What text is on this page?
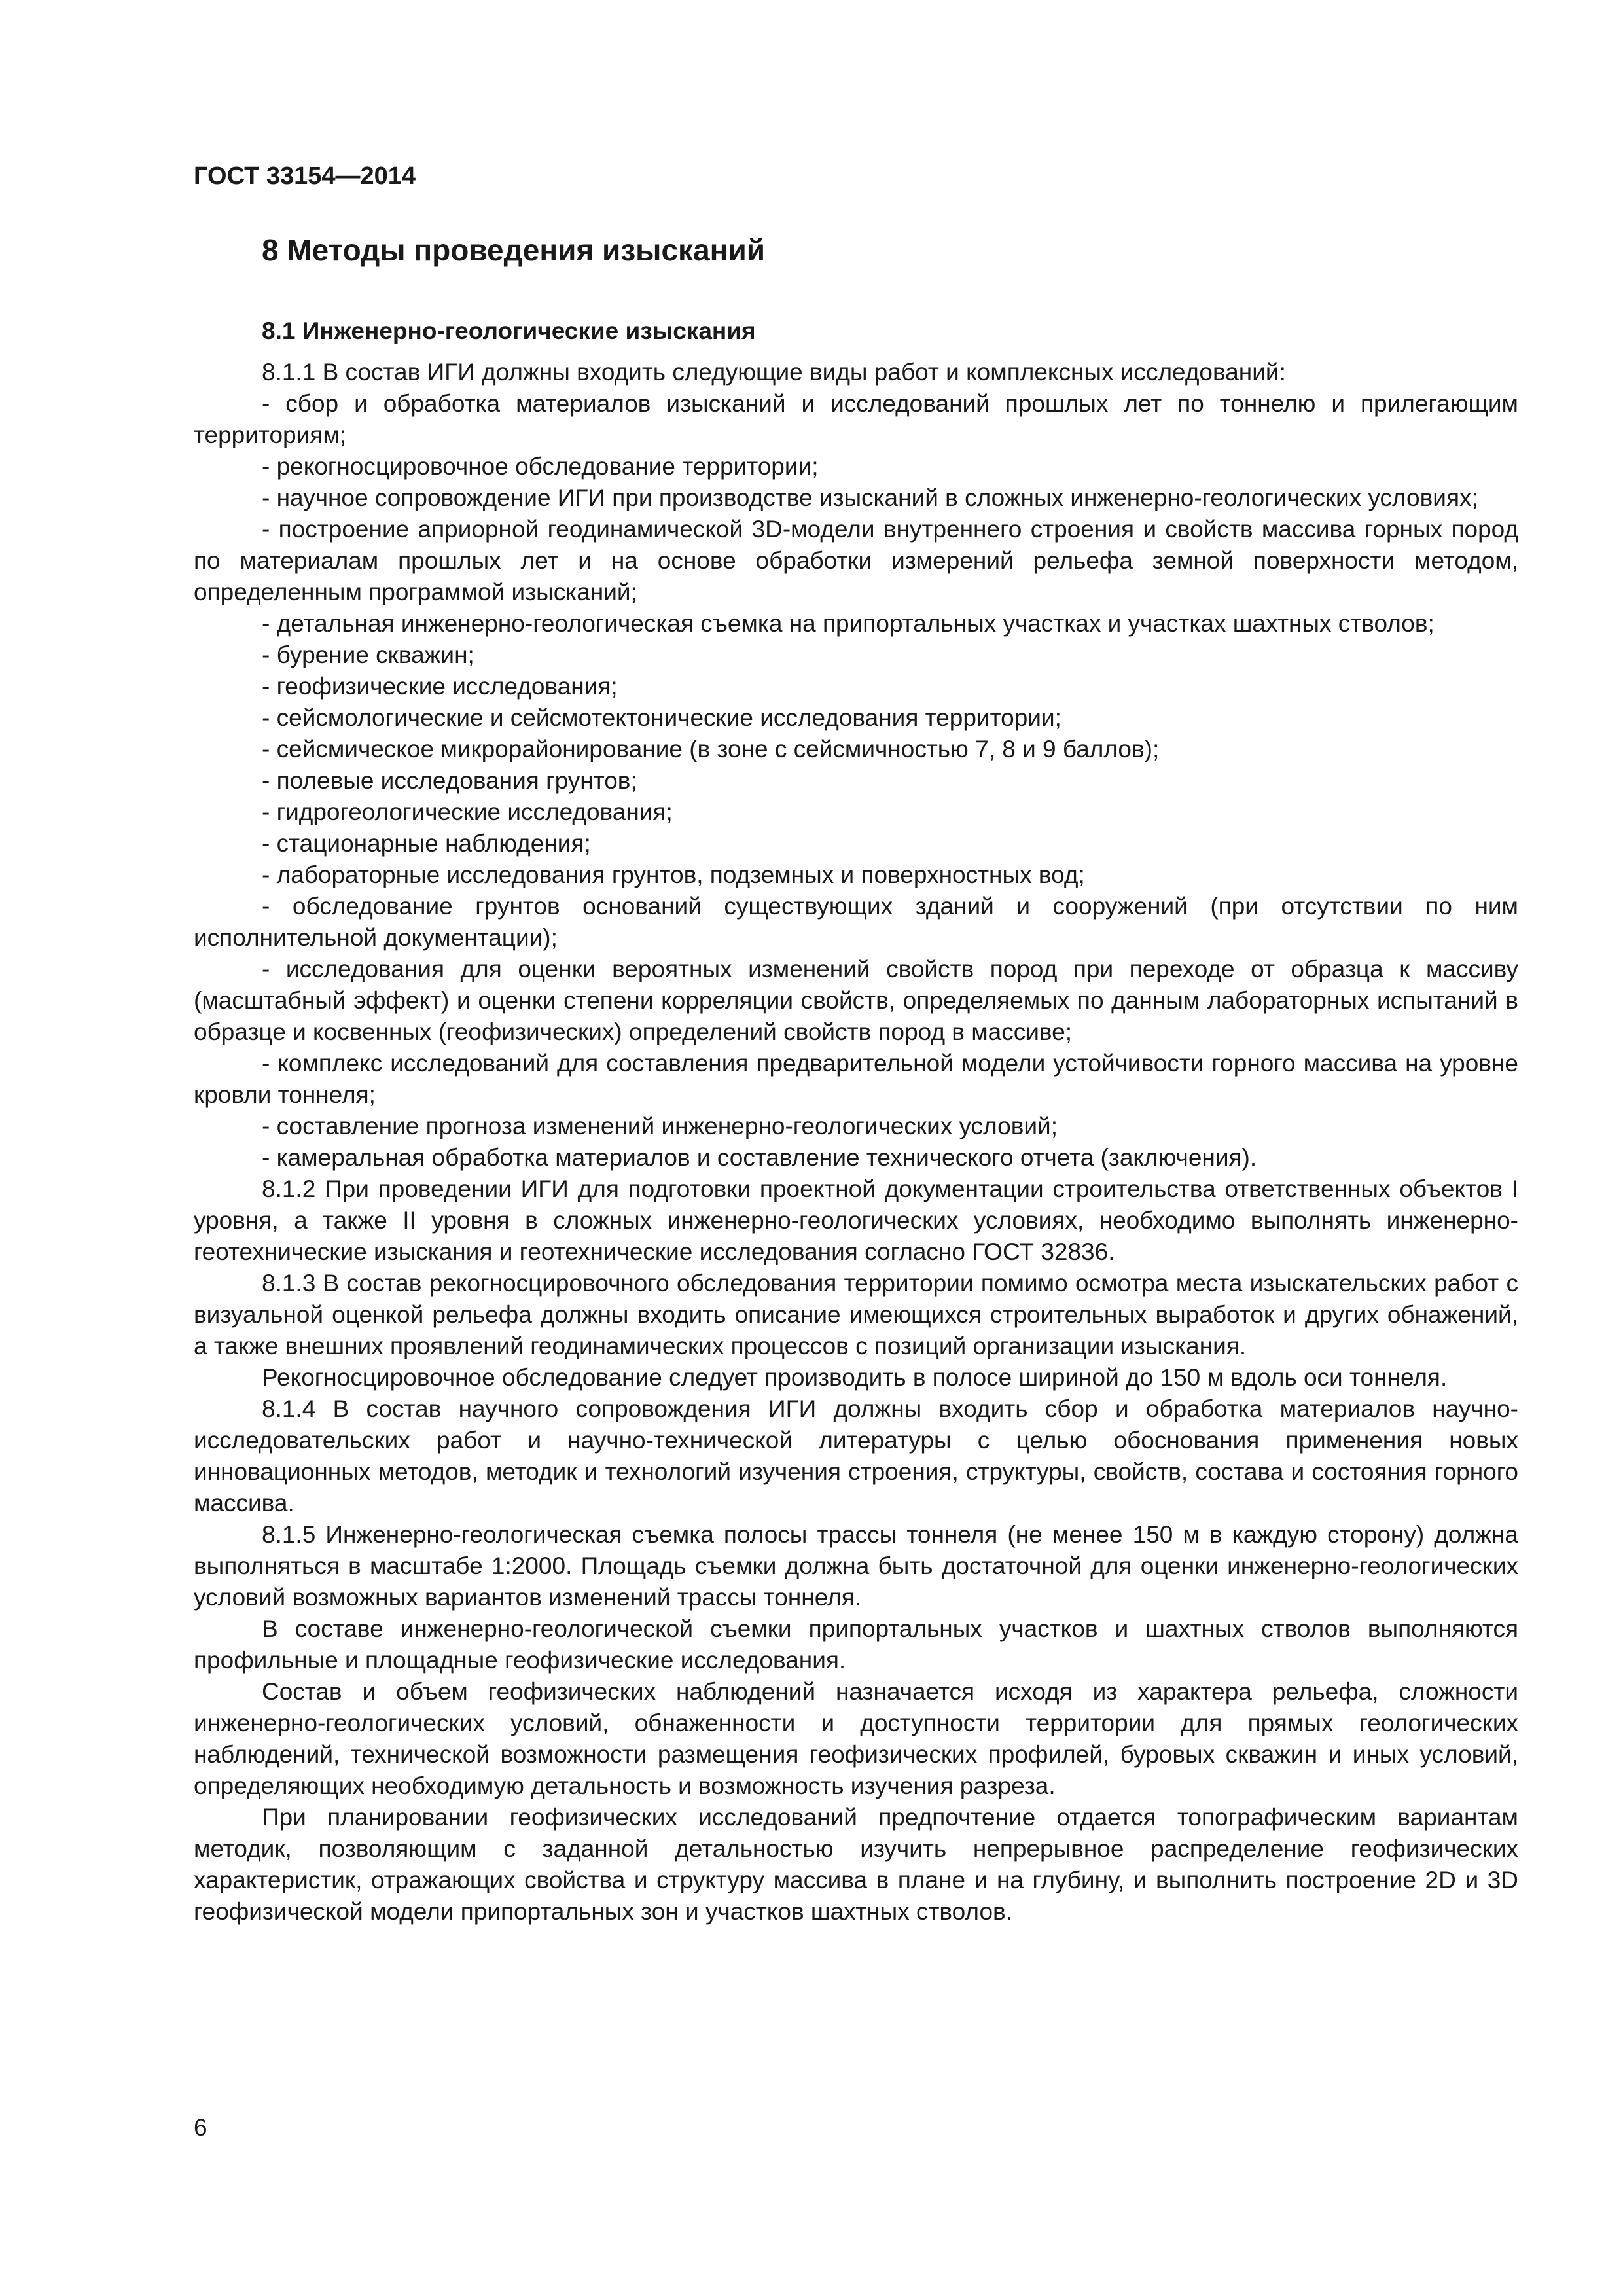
ГОСТ 33154—2014
8 Методы проведения изысканий
8.1 Инженерно-геологические изыскания

8.1.1 В состав ИГИ должны входить следующие виды работ и комплексных исследований:

- сбор и обработка материалов изысканий и исследований прошлых лет по тоннелю и прилегающим территориям;

- рекогносцировочное обследование территории;

- научное сопровождение ИГИ при производстве изысканий в сложных инженерно-геологических условиях;

- построение априорной геодинамической 3D-модели внутреннего строения и свойств массива горных пород по материалам прошлых лет и на основе обработки измерений рельефа земной поверхности методом, определенным программой изысканий;

- детальная инженерно-геологическая съемка на припортальных участках и участках шахтных стволов;

- бурение скважин;

- геофизические исследования;

- сейсмологические и сейсмотектонические исследования территории;

- сейсмическое микрорайонирование (в зоне с сейсмичностью 7, 8 и 9 баллов);

- полевые исследования грунтов;

- гидрогеологические исследования;

- стационарные наблюдения;

- лабораторные исследования грунтов, подземных и поверхностных вод;

- обследование грунтов оснований существующих зданий и сооружений (при отсутствии по ним исполнительной документации);

- исследования для оценки вероятных изменений свойств пород при переходе от образца к массиву (масштабный эффект) и оценки степени корреляции свойств, определяемых по данным лабораторных испытаний в образце и косвенных (геофизических) определений свойств пород в массиве;

- комплекс исследований для составления предварительной модели устойчивости горного массива на уровне кровли тоннеля;

- составление прогноза изменений инженерно-геологических условий;

- камеральная обработка материалов и составление технического отчета (заключения).

8.1.2 При проведении ИГИ для подготовки проектной документации строительства ответственных объектов I уровня, а также II уровня в сложных инженерно-геологических условиях, необходимо выполнять инженерно-геотехнические изыскания и геотехнические исследования согласно ГОСТ 32836.

8.1.3 В состав рекогносцировочного обследования территории помимо осмотра места изыскательских работ с визуальной оценкой рельефа должны входить описание имеющихся строительных выработок и других обнажений, а также внешних проявлений геодинамических процессов с позиций организации изыскания.

Рекогносцировочное обследование следует производить в полосе шириной до 150 м вдоль оси тоннеля.

8.1.4 В состав научного сопровождения ИГИ должны входить сбор и обработка материалов научно-исследовательских работ и научно-технической литературы с целью обоснования применения новых инновационных методов, методик и технологий изучения строения, структуры, свойств, состава и состояния горного массива.

8.1.5 Инженерно-геологическая съемка полосы трассы тоннеля (не менее 150 м в каждую сторону) должна выполняться в масштабе 1:2000. Площадь съемки должна быть достаточной для оценки инженерно-геологических условий возможных вариантов изменений трассы тоннеля.

В составе инженерно-геологической съемки припортальных участков и шахтных стволов выполняются профильные и площадные геофизические исследования.

Состав и объем геофизических наблюдений назначается исходя из характера рельефа, сложности инженерно-геологических условий, обнаженности и доступности территории для прямых геологических наблюдений, технической возможности размещения геофизических профилей, буровых скважин и иных условий, определяющих необходимую детальность и возможность изучения разреза.

При планировании геофизических исследований предпочтение отдается топографическим вариантам методик, позволяющим с заданной детальностью изучить непрерывное распределение геофизических характеристик, отражающих свойства и структуру массива в плане и на глубину, и выполнить построение 2D и 3D геофизической модели припортальных зон и участков шахтных стволов.

6
